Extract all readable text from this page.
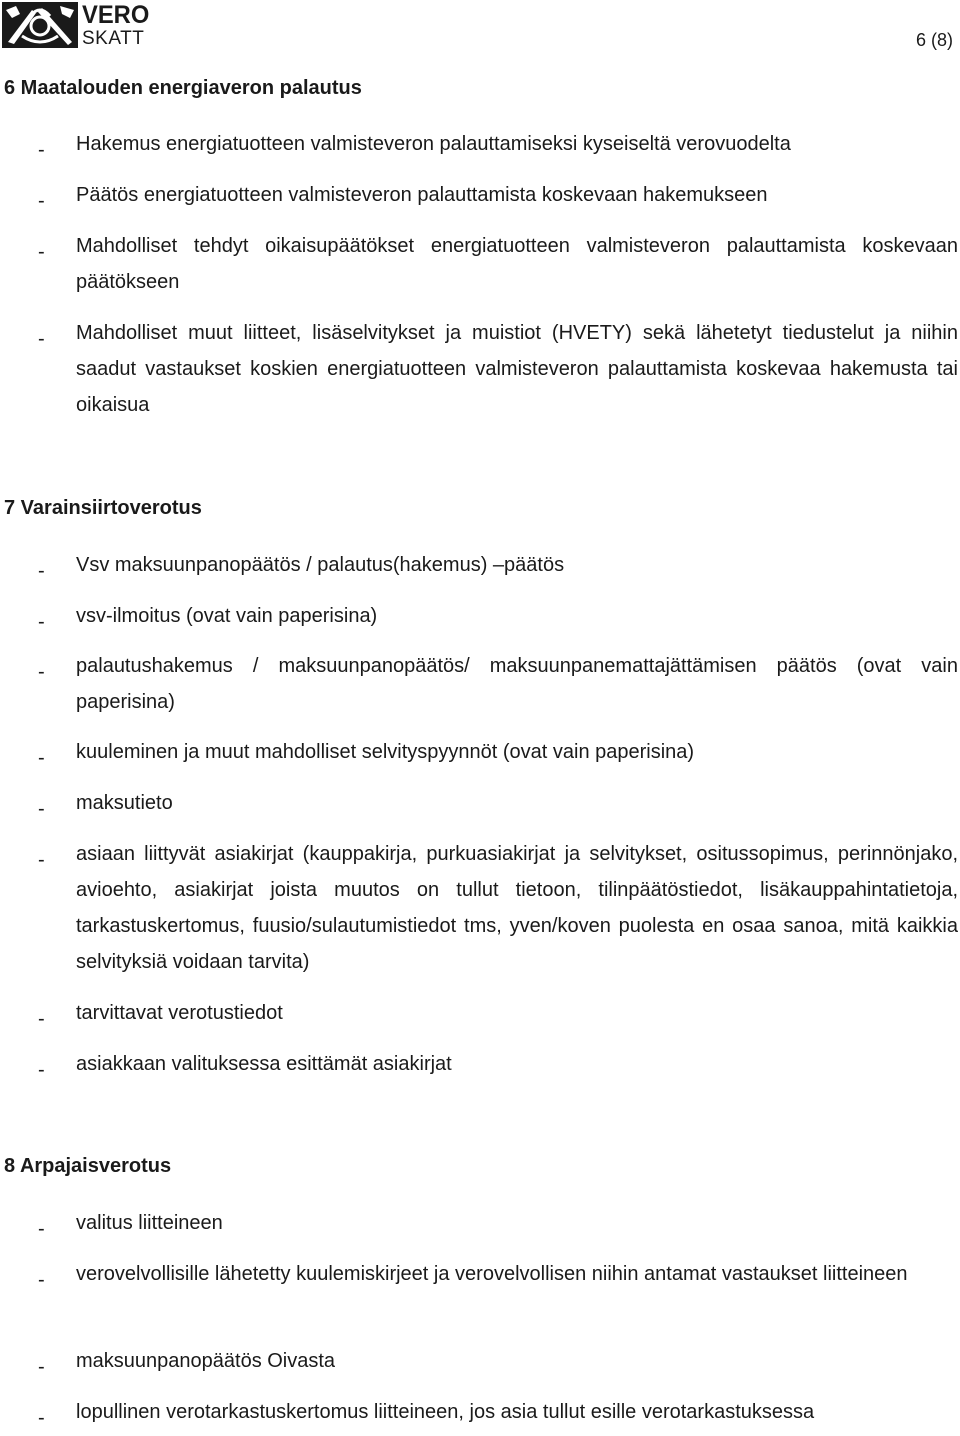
VERO
SKATT	6 (8)
6 Maatalouden energiaveron palautus
-	Hakemus energiatuotteen valmisteveron palauttamiseksi kyseiseltä verovuodelta

-	Päätös energiatuotteen valmisteveron palauttamista koskevaan hakemukseen

-	Mahdolliset tehdyt oikaisupäätökset energiatuotteen valmisteveron palauttamista koskevaan päätökseen

-	Mahdolliset muut liitteet, lisäselvitykset ja muistiot (HVETY) sekä lähetetyt tiedustelut ja niihin saadut vastaukset koskien energiatuotteen valmisteveron palauttamista koskevaa hakemusta tai oikaisua

7 Varainsiirtoverotus
-	Vsv maksuunpanopäätös / palautus(hakemus) –päätös

-	vsv-ilmoitus (ovat vain paperisina)

-	palautushakemus / maksuunpanopäätös/ maksuunpanemattajättämisen päätös (ovat vain paperisina)

-	kuuleminen ja muut mahdolliset selvityspyynnöt (ovat vain paperisina)

-	maksutieto

-	asiaan liittyvät asiakirjat (kauppakirja, purkuasiakirjat ja selvitykset, ositussopimus, perinnönjako, avioehto, asiakirjat joista muutos on tullut tietoon, tilinpäätöstiedot, lisäkauppahintatietoja, tarkastuskertomus, fuusio/sulautumistiedot tms, yven/koven puolesta en osaa sanoa, mitä kaikkia selvityksiä voidaan tarvita)

-	tarvittavat verotustiedot

-	asiakkaan valituksessa esittämät asiakirjat

8 Arpajaisverotus
-	valitus liitteineen

-	verovelvollisille lähetetty kuulemiskirjeet ja verovelvollisen niihin antamat vastaukset liitteineen

-	maksuunpanopäätös Oivasta

-	lopullinen verotarkastuskertomus liitteineen, jos asia tullut esille verotarkastuksessa
